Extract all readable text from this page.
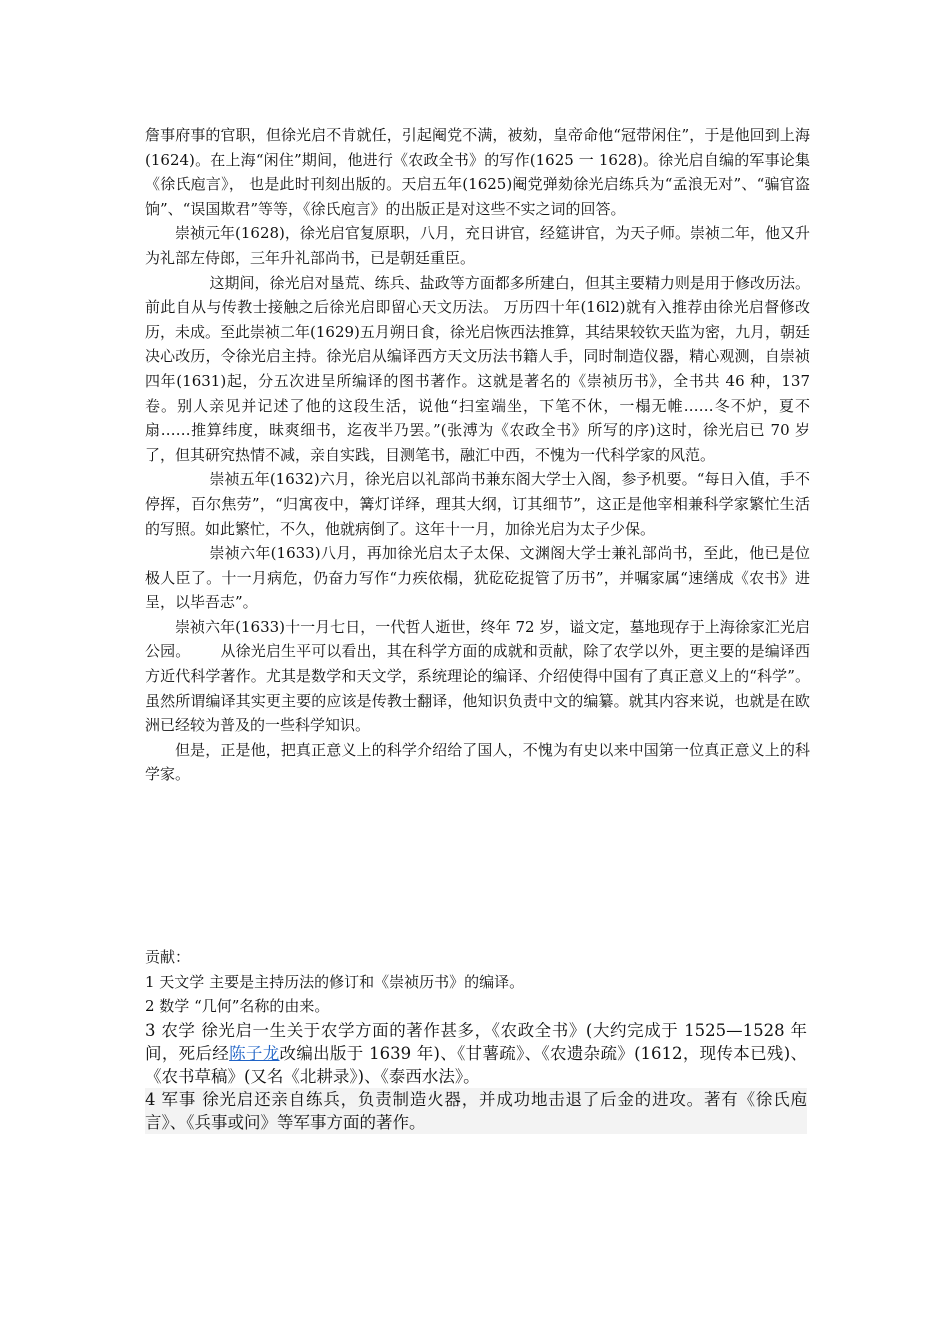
詹事府事的官职，但徐光启不肯就任，引起阉党不满，被劾，皇帝命他“冠带闲住”，于是他回到上海(1624)。在上海“闲住”期间，他进行《农政全书》的写作(1625 一 1628)。徐光启自编的军事论集《徐氏庖言》， 也是此时刊刻出版的。天启五年(1625)阉党弹劾徐光启练兵为“孟浪无对”、“骗官盗饷”、“误国欺君”等等，《徐氏庖言》的出版正是对这些不实之词的回答。

崇祯元年(1628)，徐光启官复原职，八月，充日讲官，经筵讲官，为天子师。崇祯二年，他又升为礼部左侍郎，三年升礼部尚书，已是朝廷重臣。

这期间，徐光启对垦荒、练兵、盐政等方面都多所建白，但其主要精力则是用于修改历法。前此自从与传教士接触之后徐光启即留心天文历法。 万历四十年(16l2)就有入推荐由徐光启督修改历，未成。至此崇祯二年(1629)五月朔日食，徐光启恢西法推算，其结果较钦天监为密，九月，朝廷决心改历，令徐光启主持。徐光启从编译西方天文历法书籍人手，同时制造仪器，精心观测，自崇祯四年(1631)起，分五次进呈所编译的图书著作。这就是著名的《崇祯历书》，全书共 46 种，137 卷。别人亲见并记述了他的这段生活，说他“扫室端坐，下笔不休，一榻无帷……冬不炉，夏不扇……推算纬度，昧爽细书，迄夜半乃罢。”(张溥为《农政全书》所写的序)这时，徐光启已 70 岁了，但其研究热情不减，亲自实践，目测笔书，融汇中西，不愧为一代科学家的风范。

崇祯五年(1632)六月，徐光启以礼部尚书兼东阁大学士入阁，参予机要。“每日入值，手不停挥，百尔焦劳”，“归寓夜中，篝灯详绎，理其大纲，订其细节”，这正是他宰相兼科学家繁忙生活的写照。如此繁忙，不久，他就病倒了。这年十一月，加徐光启为太子少保。

崇祯六年(1633)八月，再加徐光启太子太保、文渊阁大学士兼礼部尚书，至此，他已是位极人臣了。十一月病危，仍奋力写作“力疾依榻，犹矻矻捉管了历书”，并嘱家属“速缮成《农书》进呈，以毕吾志”。

崇祯六年(1633)十一月七日，一代哲人逝世，终年 72 岁，谥文定，墓地现存于上海徐家汇光启公园。 从徐光启生平可以看出，其在科学方面的成就和贡献，除了农学以外，更主要的是编译西方近代科学著作。尤其是数学和天文学，系统理论的编译、介绍使得中国有了真正意义上的“科学”。虽然所谓编译其实更主要的应该是传教士翻译，他知识负责中文的编纂。就其内容来说，也就是在欧洲已经较为普及的一些科学知识。

但是，正是他，把真正意义上的科学介绍给了国人，不愧为有史以来中国第一位真正意义上的科学家。

贡献：

1 天文学 主要是主持历法的修订和《崇祯历书》的编译。

2 数学 “几何”名称的由来。

3 农学 徐光启一生关于农学方面的著作甚多，《农政全书》(大约完成于 1525—1528 年间，死后经陈子龙改编出版于 1639 年)、《甘薯疏》、《农遗杂疏》(1612，现传本已残)、《农书草稿》(又名《北耕录》)、《泰西水法》。

4 军事 徐光启还亲自练兵，负责制造火器，并成功地击退了后金的进攻。著有《徐氏庖言》、《兵事或问》等军事方面的著作。
